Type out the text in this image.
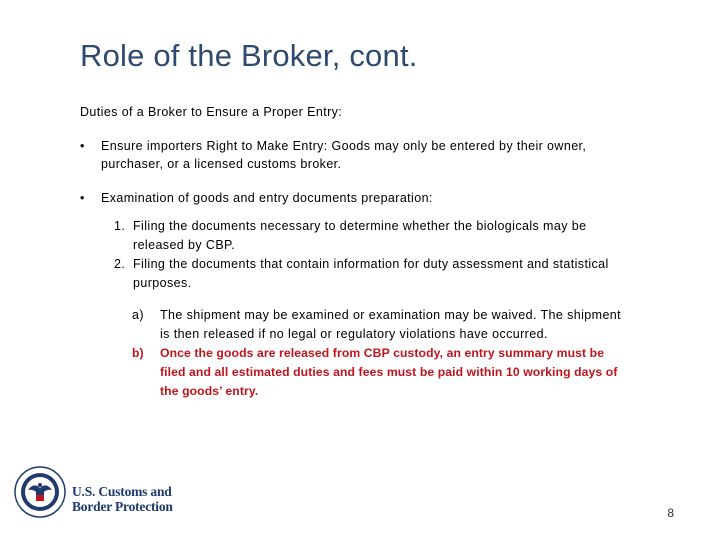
Role of the Broker, cont.
Duties of a Broker to Ensure a Proper Entry:
• Ensure importers Right to Make Entry: Goods may only be entered by their owner, purchaser, or a licensed customs broker.
• Examination of goods and entry documents preparation:
1. Filing the documents necessary to determine whether the biologicals may be released by CBP.
2. Filing the documents that contain information for duty assessment and statistical purposes.
a) The shipment may be examined or examination may be waived. The shipment is then released if no legal or regulatory violations have occurred.
b) Once the goods are released from CBP custody, an entry summary must be filed and all estimated duties and fees must be paid within 10 working days of the goods’ entry.
U.S. Customs and
Border Protection	8
